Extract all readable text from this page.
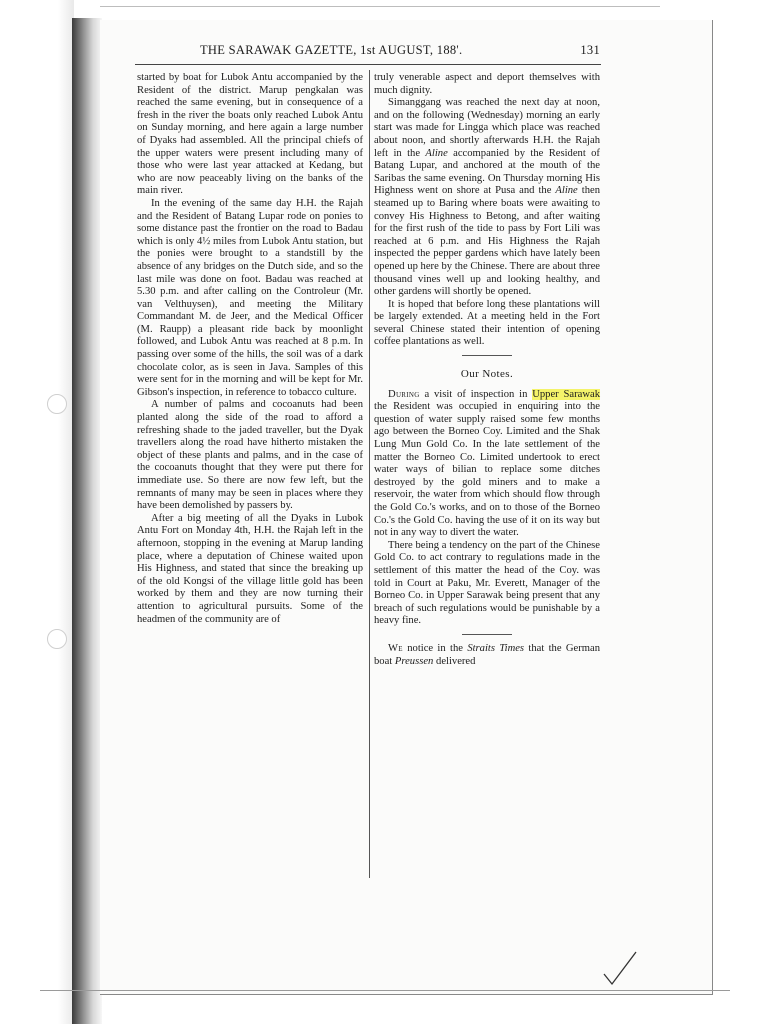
THE SARAWAK GAZETTE, 1st AUGUST, 188'.	131

started by boat for Lubok Antu accompanied by the Resident of the district. Marup pengkalan was reached the same evening, but in consequence of a fresh in the river the boats only reached Lubok Antu on Sunday morning, and here again a large number of Dyaks had assembled. All the principal chiefs of the upper waters were present including many of those who were last year attacked at Kedang, but who are now peaceably living on the banks of the main river.

In the evening of the same day H.H. the Rajah and the Resident of Batang Lupar rode on ponies to some distance past the frontier on the road to Badau which is only 4½ miles from Lubok Antu station, but the ponies were brought to a standstill by the absence of any bridges on the Dutch side, and so the last mile was done on foot. Badau was reached at 5.30 p.m. and after calling on the Controleur (Mr. van Velthuysen), and meeting the Military Commandant M. de Jeer, and the Medical Officer (M. Raupp) a pleasant ride back by moonlight followed, and Lubok Antu was reached at 8 p.m. In passing over some of the hills, the soil was of a dark chocolate color, as is seen in Java. Samples of this were sent for in the morning and will be kept for Mr. Gibson's inspection, in reference to tobacco culture.

A number of palms and cocoanuts had been planted along the side of the road to afford a refreshing shade to the jaded traveller, but the Dyak travellers along the road have hitherto mistaken the object of these plants and palms, and in the case of the cocoanuts thought that they were put there for immediate use. So there are now few left, but the remnants of many may be seen in places where they have been demolished by passers by.

After a big meeting of all the Dyaks in Lubok Antu Fort on Monday 4th, H.H. the Rajah left in the afternoon, stopping in the evening at Marup landing place, where a deputation of Chinese waited upon His Highness, and stated that since the breaking up of the old Kongsi of the village little gold has been worked by them and they are now turning their attention to agricultural pursuits. Some of the headmen of the community are of

truly venerable aspect and deport themselves with much dignity.

Simanggang was reached the next day at noon, and on the following (Wednesday) morning an early start was made for Lingga which place was reached about noon, and shortly afterwards H.H. the Rajah left in the Aline accompanied by the Resident of Batang Lupar, and anchored at the mouth of the Saribas the same evening. On Thursday morning His Highness went on shore at Pusa and the Aline then steamed up to Baring where boats were awaiting to convey His Highness to Betong, and after waiting for the first rush of the tide to pass by Fort Lili was reached at 6 p.m. and His Highness the Rajah inspected the pepper gardens which have lately been opened up here by the Chinese. There are about three thousand vines well up and looking healthy, and other gardens will shortly be opened.

It is hoped that before long these plantations will be largely extended. At a meeting held in the Fort several Chinese stated their intention of opening coffee plantations as well.

Our Notes.

During a visit of inspection in Upper Sarawak the Resident was occupied in enquiring into the question of water supply raised some few months ago between the Borneo Coy. Limited and the Shak Lung Mun Gold Co. In the late settlement of the matter the Borneo Co. Limited undertook to erect water ways of bilian to replace some ditches destroyed by the gold miners and to make a reservoir, the water from which should flow through the Gold Co.'s works, and on to those of the Borneo Co.'s the Gold Co. having the use of it on its way but not in any way to divert the water.

There being a tendency on the part of the Chinese Gold Co. to act contrary to regulations made in the settlement of this matter the head of the Coy. was told in Court at Paku, Mr. Everett, Manager of the Borneo Co. in Upper Sarawak being present that any breach of such regulations would be punishable by a heavy fine.

We notice in the Straits Times that the German boat Preussen delivered
